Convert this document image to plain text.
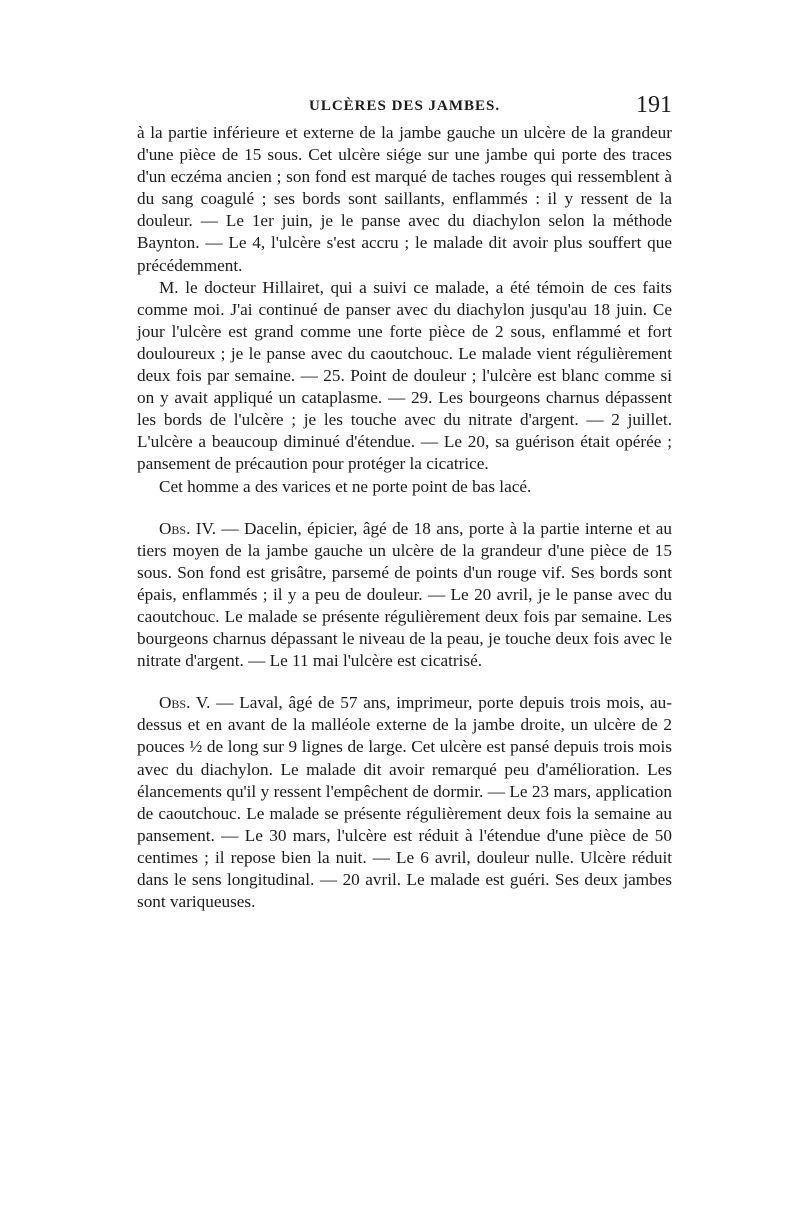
ULCÈRES DES JAMBES.	191

à la partie inférieure et externe de la jambe gauche un ulcère de la grandeur d'une pièce de 15 sous. Cet ulcère siége sur une jambe qui porte des traces d'un eczéma ancien ; son fond est marqué de taches rouges qui ressemblent à du sang coagulé ; ses bords sont saillants, enflammés : il y ressent de la douleur. — Le 1er juin, je le panse avec du diachylon selon la méthode Baynton. — Le 4, l'ulcère s'est accru ; le malade dit avoir plus souffert que précédemment.

M. le docteur Hillairet, qui a suivi ce malade, a été témoin de ces faits comme moi. J'ai continué de panser avec du diachylon jusqu'au 18 juin. Ce jour l'ulcère est grand comme une forte pièce de 2 sous, enflammé et fort douloureux ; je le panse avec du caoutchouc. Le malade vient régulièrement deux fois par semaine. — 25. Point de douleur ; l'ulcère est blanc comme si on y avait appliqué un cataplasme. — 29. Les bourgeons charnus dépassent les bords de l'ulcère ; je les touche avec du nitrate d'argent. — 2 juillet. L'ulcère a beaucoup diminué d'étendue. — Le 20, sa guérison était opérée ; pansement de précaution pour protéger la cicatrice.

Cet homme a des varices et ne porte point de bas lacé.

Obs. IV. — Dacelin, épicier, âgé de 18 ans, porte à la partie interne et au tiers moyen de la jambe gauche un ulcère de la grandeur d'une pièce de 15 sous. Son fond est grisâtre, parsemé de points d'un rouge vif. Ses bords sont épais, enflammés ; il y a peu de douleur. — Le 20 avril, je le panse avec du caoutchouc. Le malade se présente régulièrement deux fois par semaine. Les bourgeons charnus dépassant le niveau de la peau, je touche deux fois avec le nitrate d'argent. — Le 11 mai l'ulcère est cicatrisé.

Obs. V. — Laval, âgé de 57 ans, imprimeur, porte depuis trois mois, au-dessus et en avant de la malléole externe de la jambe droite, un ulcère de 2 pouces ½ de long sur 9 lignes de large. Cet ulcère est pansé depuis trois mois avec du diachylon. Le malade dit avoir remarqué peu d'amélioration. Les élancements qu'il y ressent l'empêchent de dormir. — Le 23 mars, application de caoutchouc. Le malade se présente régulièrement deux fois la semaine au pansement. — Le 30 mars, l'ulcère est réduit à l'étendue d'une pièce de 50 centimes ; il repose bien la nuit. — Le 6 avril, douleur nulle. Ulcère réduit dans le sens longitudinal. — 20 avril. Le malade est guéri. Ses deux jambes sont variqueuses.
